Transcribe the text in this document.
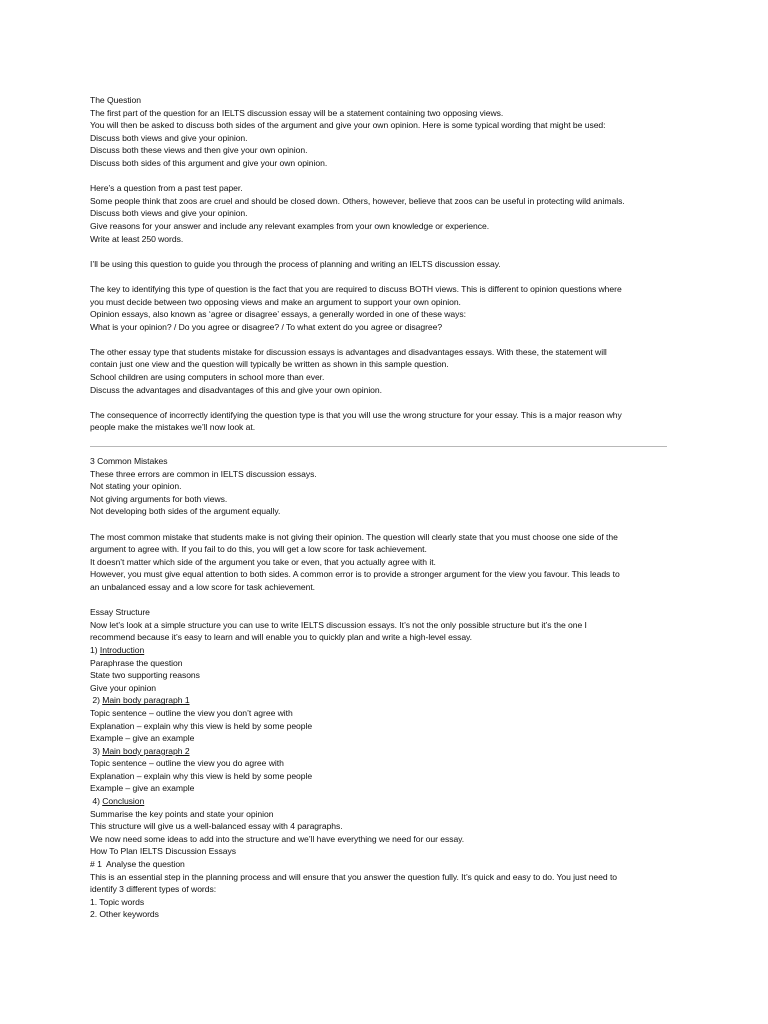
The Question

The first part of the question for an IELTS discussion essay will be a statement containing two opposing views.

You will then be asked to discuss both sides of the argument and give your own opinion. Here is some typical wording that might be used:

Discuss both views and give your opinion.

Discuss both these views and then give your own opinion.

Discuss both sides of this argument and give your own opinion.

Here’s a question from a past test paper.

Some people think that zoos are cruel and should be closed down. Others, however, believe that zoos can be useful in protecting wild animals.

Discuss both views and give your opinion.

Give reasons for your answer and include any relevant examples from your own knowledge or experience.

Write at least 250 words.

I’ll be using this question to guide you through the process of planning and writing an IELTS discussion essay.

The key to identifying this type of question is the fact that you are required to discuss BOTH views. This is different to opinion questions where

you must decide between two opposing views and make an argument to support your own opinion.

Opinion essays, also known as ‘agree or disagree’ essays, a generally worded in one of these ways:

What is your opinion? / Do you agree or disagree? / To what extent do you agree or disagree?

The other essay type that students mistake for discussion essays is advantages and disadvantages essays. With these, the statement will

contain just one view and the question will typically be written as shown in this sample question.

School children are using computers in school more than ever.

Discuss the advantages and disadvantages of this and give your own opinion.

The consequence of incorrectly identifying the question type is that you will use the wrong structure for your essay. This is a major reason why

people make the mistakes we’ll now look at.

3 Common Mistakes

These three errors are common in IELTS discussion essays.

Not stating your opinion.

Not giving arguments for both views.

Not developing both sides of the argument equally.

The most common mistake that students make is not giving their opinion. The question will clearly state that you must choose one side of the

argument to agree with. If you fail to do this, you will get a low score for task achievement.

It doesn’t matter which side of the argument you take or even, that you actually agree with it.

However, you must give equal attention to both sides. A common error is to provide a stronger argument for the view you favour. This leads to

an unbalanced essay and a low score for task achievement.

Essay Structure

Now let’s look at a simple structure you can use to write IELTS discussion essays. It’s not the only possible structure but it’s the one I

recommend because it’s easy to learn and will enable you to quickly plan and write a high-level essay.

1) Introduction

Paraphrase the question

State two supporting reasons

Give your opinion

2) Main body paragraph 1

Topic sentence – outline the view you don’t agree with

Explanation – explain why this view is held by some people

Example – give an example

3) Main body paragraph 2

Topic sentence – outline the view you do agree with

Explanation – explain why this view is held by some people

Example – give an example

4) Conclusion

Summarise the key points and state your opinion

This structure will give us a well-balanced essay with 4 paragraphs.

We now need some ideas to add into the structure and we’ll have everything we need for our essay.

How To Plan IELTS Discussion Essays

# 1  Analyse the question

This is an essential step in the planning process and will ensure that you answer the question fully. It’s quick and easy to do. You just need to

identify 3 different types of words:

1. Topic words

2. Other keywords
